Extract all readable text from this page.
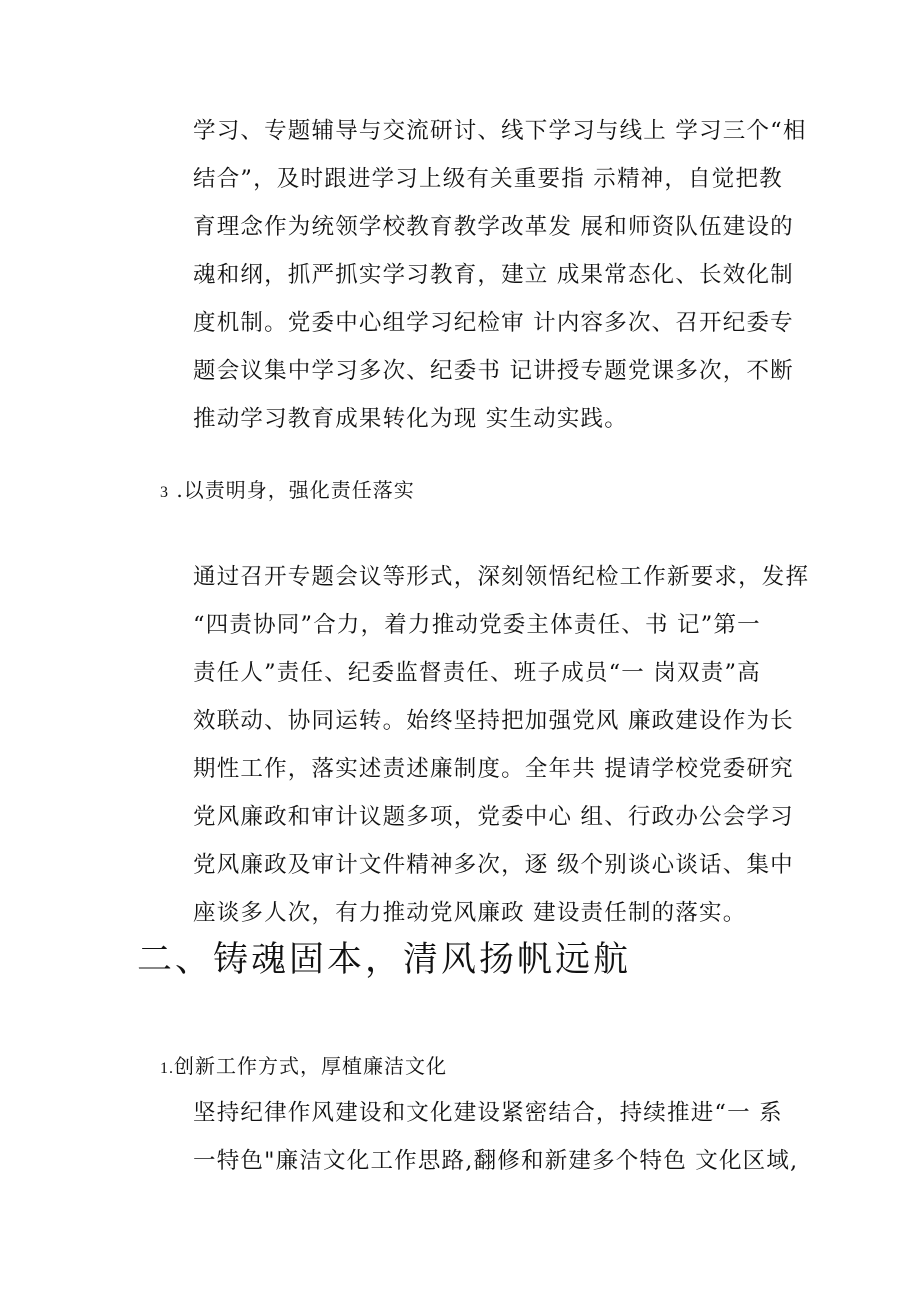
学习、专题辅导与交流研讨、线下学习与线上 学习三个“相
结合”，及时跟进学习上级有关重要指 示精神，自觉把教
育理念作为统领学校教育教学改革发 展和师资队伍建设的
魂和纲，抓严抓实学习教育，建立 成果常态化、长效化制
度机制。党委中心组学习纪检审 计内容多次、召开纪委专
题会议集中学习多次、纪委书 记讲授专题党课多次，不断
推动学习教育成果转化为现 实生动实践。
3 .以责明身，强化责任落实
通过召开专题会议等形式，深刻领悟纪检工作新要求，发挥
“四责协同”合力，着力推动党委主体责任、书 记”第一
责任人”责任、纪委监督责任、班子成员“一 岗双责”高
效联动、协同运转。始终坚持把加强党风 廉政建设作为长
期性工作，落实述责述廉制度。全年共 提请学校党委研究
党风廉政和审计议题多项，党委中心 组、行政办公会学习
党风廉政及审计文件精神多次，逐 级个别谈心谈话、集中
座谈多人次，有力推动党风廉政 建设责任制的落实。
二、铸魂固本，清风扬帆远航
1.创新工作方式，厚植廉洁文化
坚持纪律作风建设和文化建设紧密结合，持续推进“一 系
一特色"廉洁文化工作思路,翻修和新建多个特色 文化区域,
